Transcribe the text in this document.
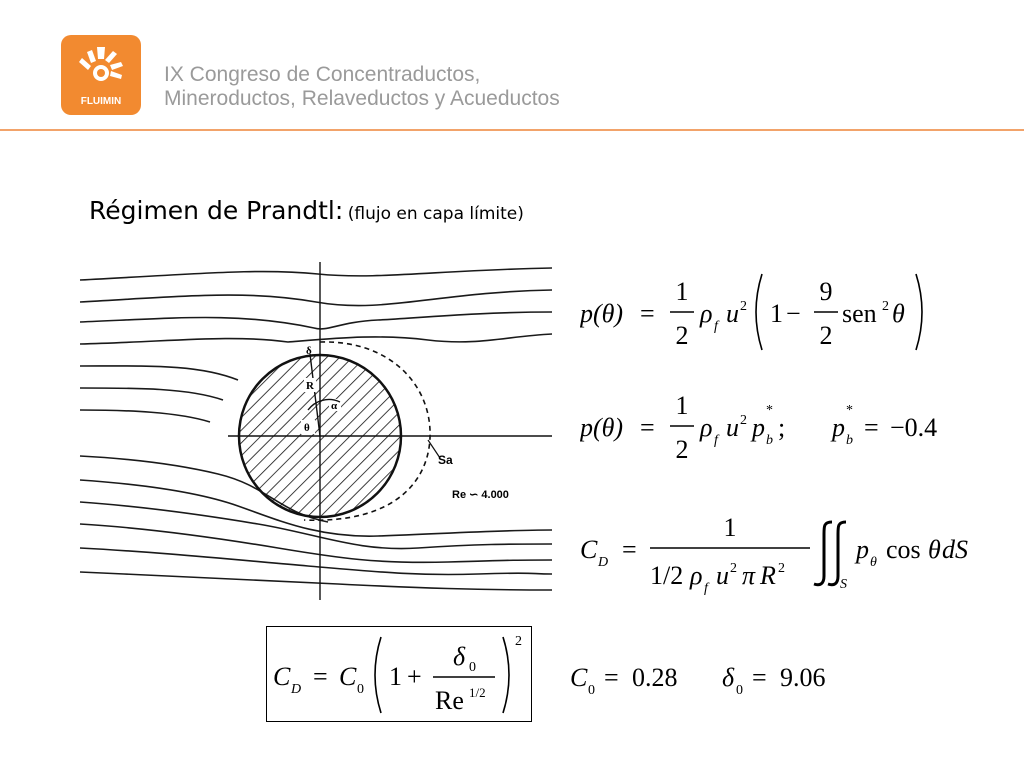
FLUIMIN
IX Congreso de Concentraductos,
Mineroductos, Relaveductos y Acueductos
Régimen de Prandtl: (flujo en capa límite)
R
θ
α
δ
Sa
Re ∽ 4.000
p(θ) =
1
2
ρ f u 2 1 −
9
2
sen 2 θ
p(θ) =
1
2
ρ f u 2 p
*
b ; p
*
b = −0.4
C D =
1
1/2 ρ f u 2 π R 2
S
p θ cos θ dS
C D = C 0 1 +
δ 0
Re 1/2
2
C 0 = 0.28 δ 0 = 9.06
